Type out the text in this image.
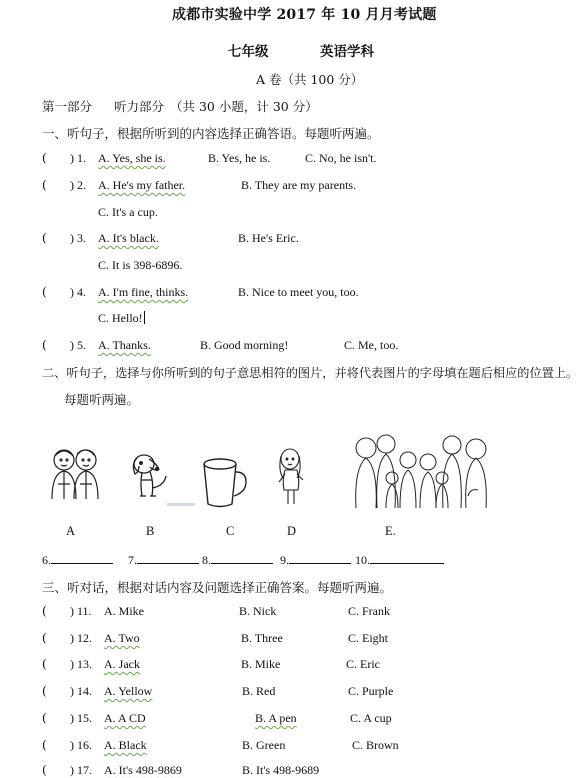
成都市实验中学 2017 年 10 月月考试题
七年级	英语学科
A 卷（共 100 分）
第一部分 听力部分 （共 30 小题，计 30 分）
一、听句子，根据所听到的内容选择正确答语。每题听两遍。
( ) 1. A. Yes, she is.	B. Yes, he is.	C. No, he isn't.
( ) 2. A. He's my father.	B. They are my parents.
C. It's a cup.
( ) 3. A. It's black.	B. He's Eric.
C. It is 398-6896.
( ) 4. A. I'm fine, thinks.	B. Nice to meet you, too.
C. Hello!
( ) 5. A. Thanks.	B. Good morning!	C. Me, too.
二、听句子，选择与你所听到的句子意思相符的图片，并将代表图片的字母填在题后相应的位置上。
每题听两遍。
A	B	C	D	E.
6.	7.	8.	9.	10.
三、听对话，根据对话内容及问题选择正确答案。每题听两遍。
( ) 11. A. Mike	B. Nick	C. Frank
( ) 12. A. Two	B. Three	C. Eight
( ) 13. A. Jack	B. Mike	C. Eric
( ) 14. A. Yellow	B. Red	C. Purple
( ) 15. A. A CD	B. A pen	C. A cup
( ) 16. A. Black	B. Green	C. Brown
( ) 17. A. It's 498-9869	B. It's 498-9689
